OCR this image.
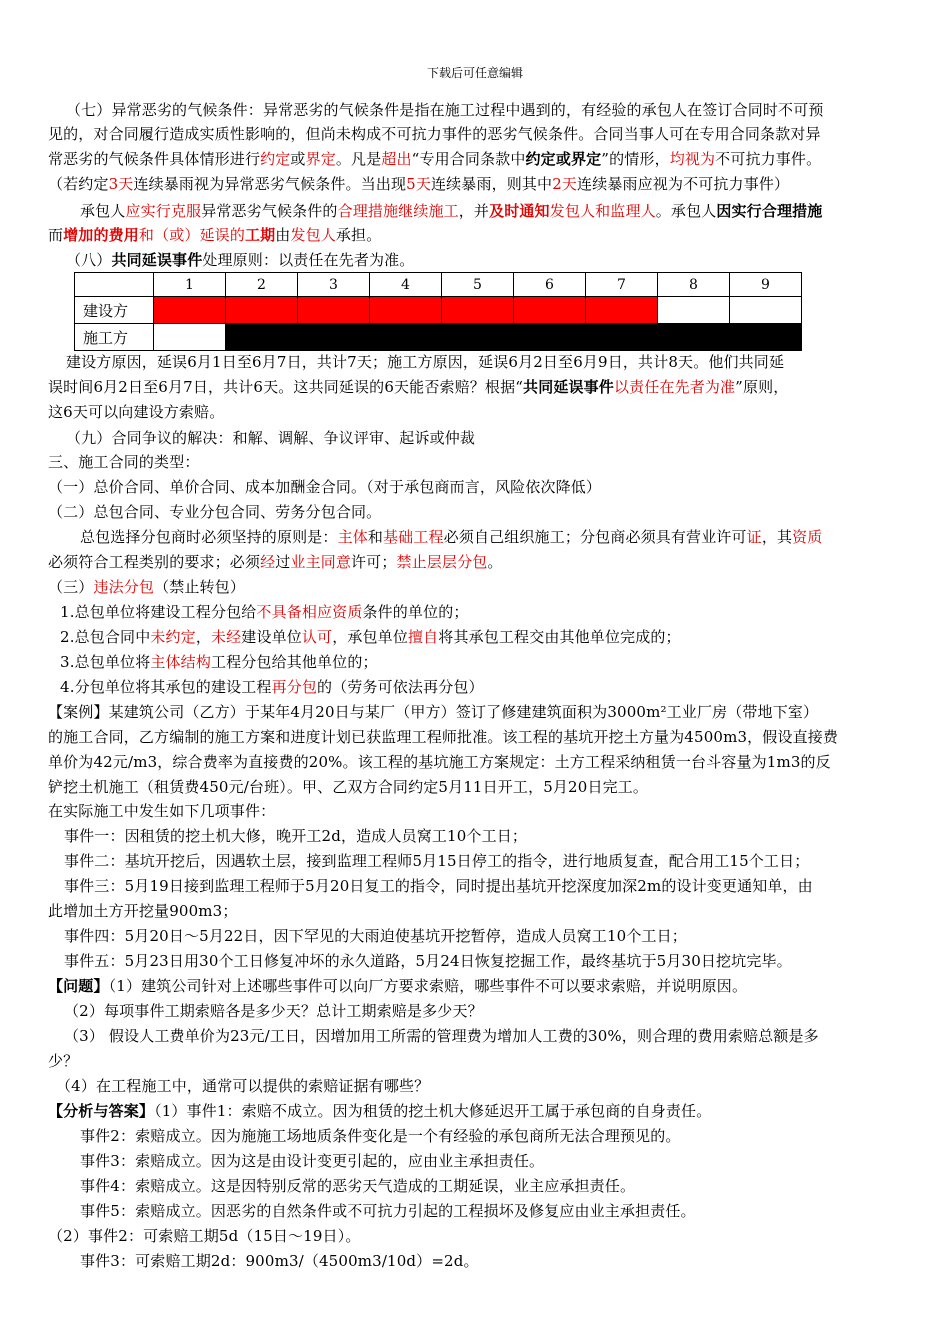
下载后可任意编辑
（七）异常恶劣的气候条件：异常恶劣的气候条件是指在施工过程中遇到的，有经验的承包人在签订合同时不可预
见的，对合同履行造成实质性影响的，但尚未构成不可抗力事件的恶劣气候条件。合同当事人可在专用合同条款对异
常恶劣的气候条件具体情形进行约定或界定。凡是超出“专用合同条款中约定或界定”的情形，均视为不可抗力事件。
（若约定3天连续暴雨视为异常恶劣气候条件。当出现5天连续暴雨，则其中2天连续暴雨应视为不可抗力事件）
承包人应实行克服异常恶劣气候条件的合理措施继续施工，并及时通知发包人和监理人。承包人因实行合理措施
而增加的费用和（或）延误的工期由发包人承担。
（八）共同延误事件处理原则：以责任在先者为准。
	1	2	3	4	5	6	7	8	9
建设方									
施工方									
建设方原因，延误6月1日至6月7日，共计7天；施工方原因，延误6月2日至6月9日，共计8天。他们共同延
误时间6月2日至6月7日，共计6天。这共同延误的6天能否索赔？根据“共同延误事件以责任在先者为准”原则，
这6天可以向建设方索赔。
（九）合同争议的解决：和解、调解、争议评审、起诉或仲裁
三、施工合同的类型：
（一）总价合同、单价合同、成本加酬金合同。（对于承包商而言，风险依次降低）
（二）总包合同、专业分包合同、劳务分包合同。
总包选择分包商时必须坚持的原则是：主体和基础工程必须自己组织施工；分包商必须具有营业许可证，其资质
必须符合工程类别的要求；必须经过业主同意许可；禁止层层分包。
（三）违法分包（禁止转包）
1.总包单位将建设工程分包给不具备相应资质条件的单位的；
2.总包合同中未约定，未经建设单位认可，承包单位擅自将其承包工程交由其他单位完成的；
3.总包单位将主体结构工程分包给其他单位的；
4.分包单位将其承包的建设工程再分包的（劳务可依法再分包）
【案例】某建筑公司（乙方）于某年4月20日与某厂（甲方）签订了修建建筑面积为3000m²工业厂房（带地下室）
的施工合同，乙方编制的施工方案和进度计划已获监理工程师批准。该工程的基坑开挖土方量为4500m3，假设直接费
单价为42元/m3，综合费率为直接费的20%。该工程的基坑施工方案规定：土方工程采纳租赁一台斗容量为1m3的反
铲挖土机施工（租赁费450元/台班）。甲、乙双方合同约定5月11日开工，5月20日完工。
在实际施工中发生如下几项事件：
事件一：因租赁的挖土机大修，晚开工2d，造成人员窝工10个工日；
事件二：基坑开挖后，因遇软土层，接到监理工程师5月15日停工的指令，进行地质复查，配合用工15个工日；
事件三：5月19日接到监理工程师于5月20日复工的指令，同时提出基坑开挖深度加深2m的设计变更通知单，由
此增加土方开挖量900m3；
事件四：5月20日～5月22日，因下罕见的大雨迫使基坑开挖暂停，造成人员窝工10个工日；
事件五：5月23日用30个工日修复冲坏的永久道路，5月24日恢复挖掘工作，最终基坑于5月30日挖坑完毕。
【问题】（1）建筑公司针对上述哪些事件可以向厂方要求索赔，哪些事件不可以要求索赔，并说明原因。
（2）每项事件工期索赔各是多少天？总计工期索赔是多少天？
（3） 假设人工费单价为23元/工日，因增加用工所需的管理费为增加人工费的30%，则合理的费用索赔总额是多
少？
（4）在工程施工中，通常可以提供的索赔证据有哪些？
【分析与答案】（1）事件1：索赔不成立。因为租赁的挖土机大修延迟开工属于承包商的自身责任。
事件2：索赔成立。因为施施工场地质条件变化是一个有经验的承包商所无法合理预见的。
事件3：索赔成立。因为这是由设计变更引起的，应由业主承担责任。
事件4：索赔成立。这是因特别反常的恶劣天气造成的工期延误，业主应承担责任。
事件5：索赔成立。因恶劣的自然条件或不可抗力引起的工程损坏及修复应由业主承担责任。
（2）事件2：可索赔工期5d（15日～19日）。
事件3：可索赔工期2d：900m3/（4500m3/10d）=2d。
